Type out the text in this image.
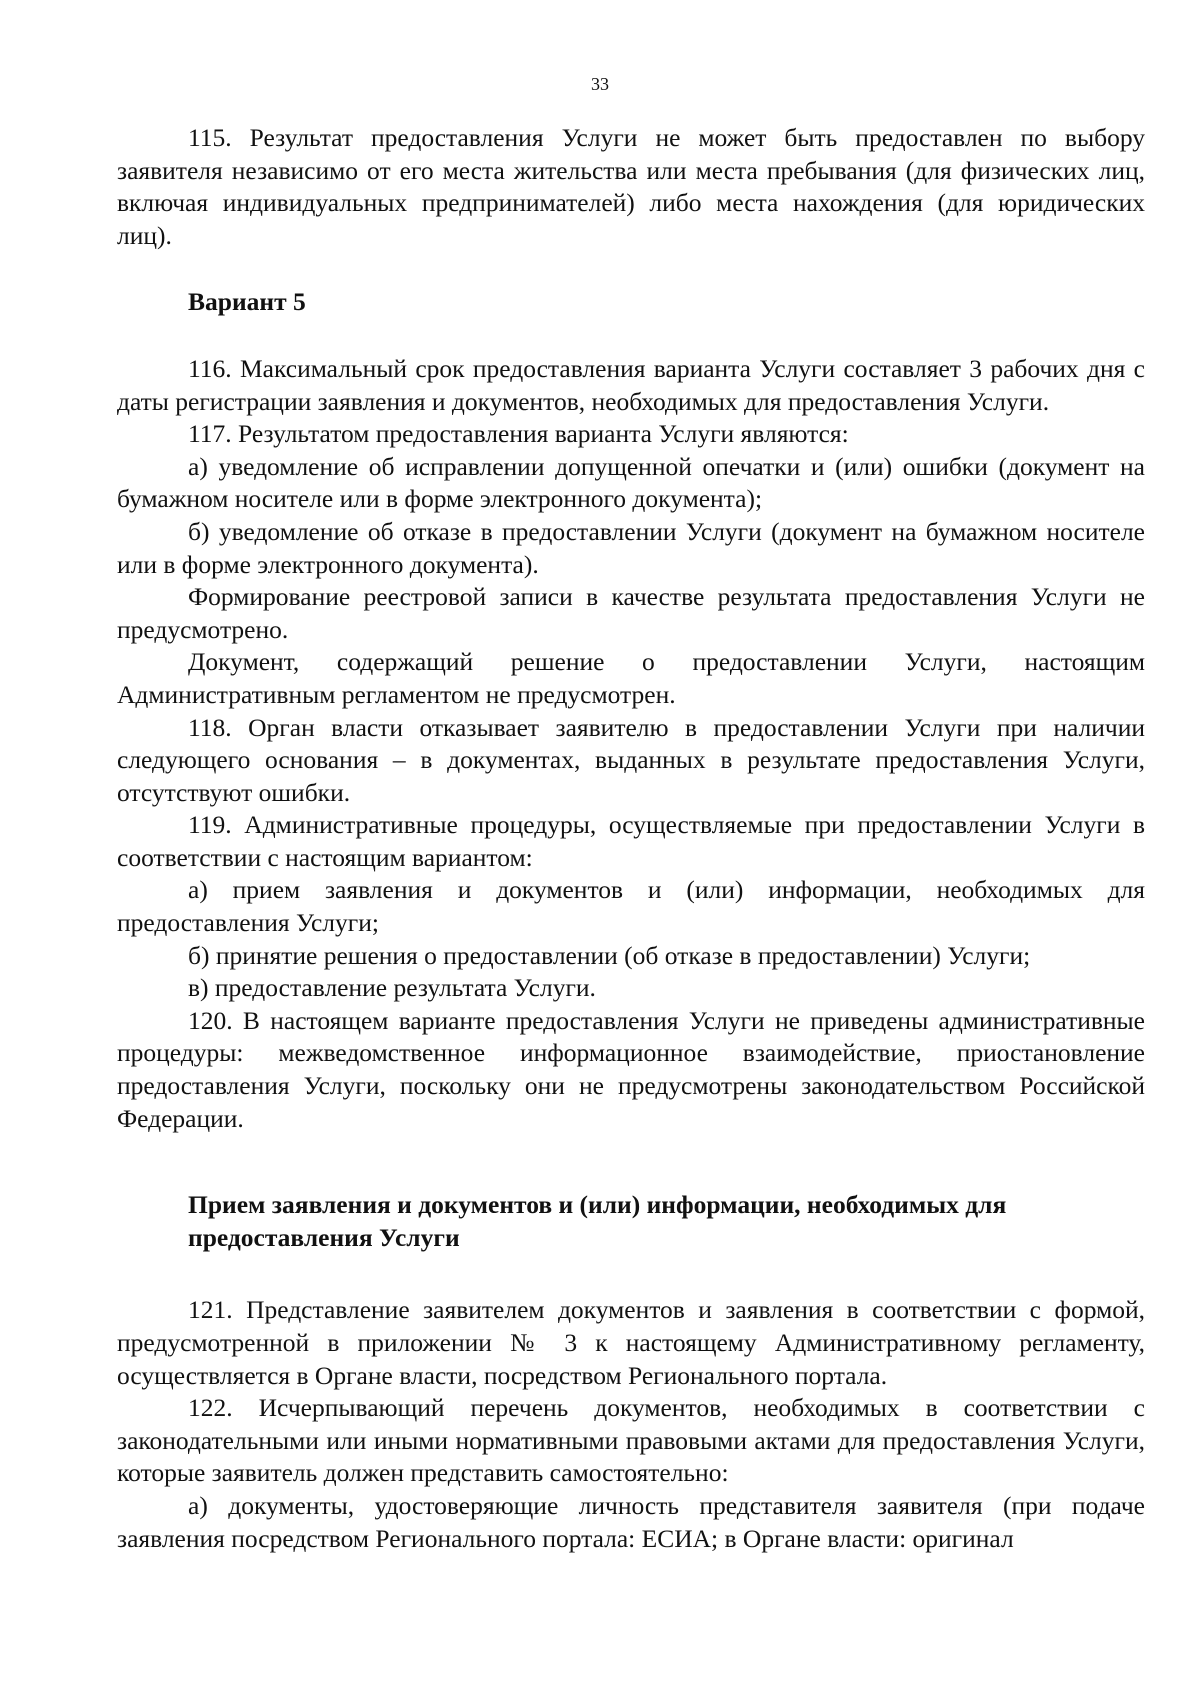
33

115. Результат предоставления Услуги не может быть предоставлен по выбору заявителя независимо от его места жительства или места пребывания (для физических лиц, включая индивидуальных предпринимателей) либо места нахождения (для юридических лиц).

Вариант 5

116. Максимальный срок предоставления варианта Услуги составляет 3 рабочих дня с даты регистрации заявления и документов, необходимых для предоставления Услуги.

117. Результатом предоставления варианта Услуги являются:

а) уведомление об исправлении допущенной опечатки и (или) ошибки (документ на бумажном носителе или в форме электронного документа);

б) уведомление об отказе в предоставлении Услуги (документ на бумажном носителе или в форме электронного документа).

Формирование реестровой записи в качестве результата предоставления Услуги не предусмотрено.

Документ, содержащий решение о предоставлении Услуги, настоящим Административным регламентом не предусмотрен.

118. Орган власти отказывает заявителю в предоставлении Услуги при наличии следующего основания – в документах, выданных в результате предоставления Услуги, отсутствуют ошибки.

119. Административные процедуры, осуществляемые при предоставлении Услуги в соответствии с настоящим вариантом:

а) прием заявления и документов и (или) информации, необходимых для предоставления Услуги;

б) принятие решения о предоставлении (об отказе в предоставлении) Услуги;

в) предоставление результата Услуги.

120. В настоящем варианте предоставления Услуги не приведены административные процедуры: межведомственное информационное взаимодействие, приостановление предоставления Услуги, поскольку они не предусмотрены законодательством Российской Федерации.

Прием заявления и документов и (или) информации, необходимых для

предоставления Услуги

121. Представление заявителем документов и заявления в соответствии с формой, предусмотренной в приложении № 3 к настоящему Административному регламенту, осуществляется в Органе власти, посредством Регионального портала.

122. Исчерпывающий перечень документов, необходимых в соответствии с законодательными или иными нормативными правовыми актами для предоставления Услуги, которые заявитель должен представить самостоятельно:

а) документы, удостоверяющие личность представителя заявителя (при подаче заявления посредством Регионального портала: ЕСИА; в Органе власти: оригинал
